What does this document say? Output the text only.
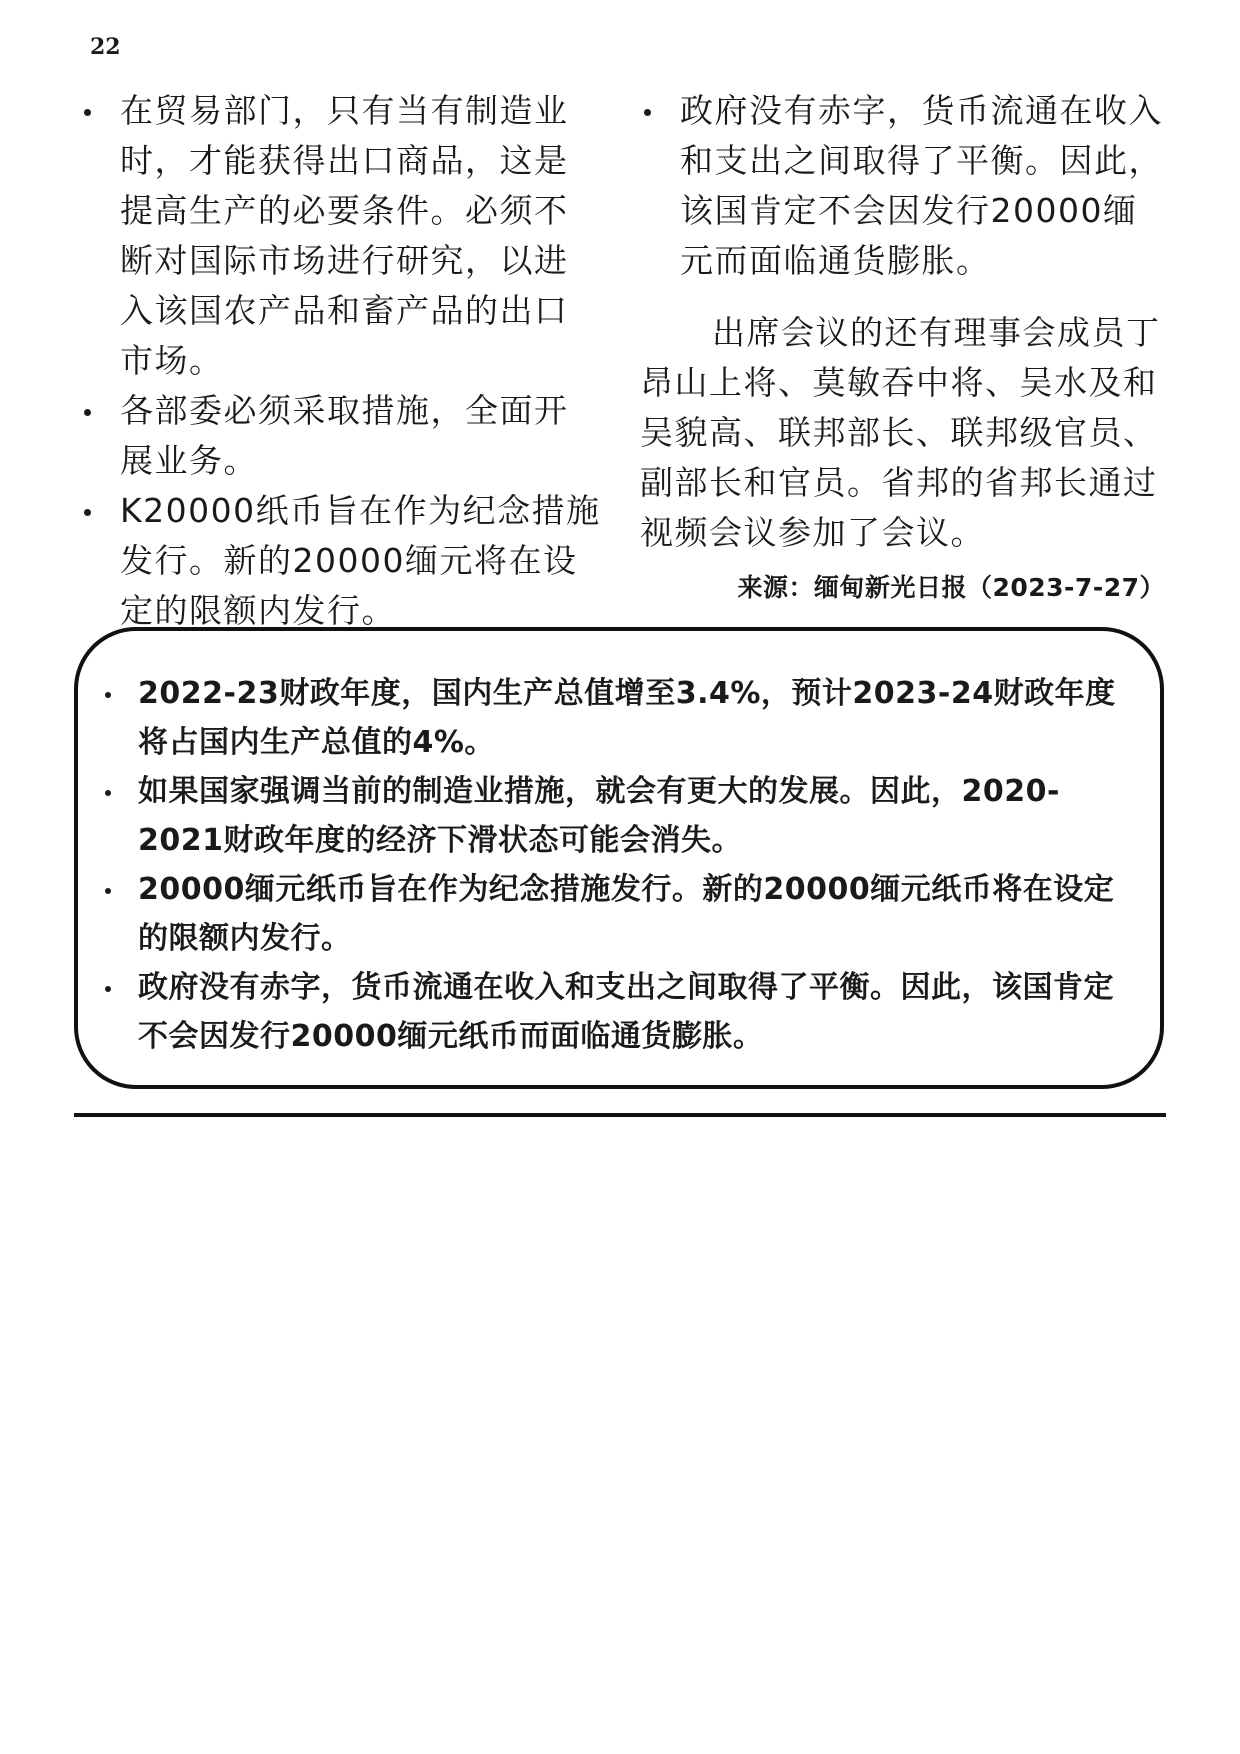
22
在贸易部门，只有当有制造业时，才能获得出口商品，这是提高生产的必要条件。必须不断对国际市场进行研究，以进入该国农产品和畜产品的出口市场。
各部委必须采取措施，全面开展业务。
K20000纸币旨在作为纪念措施发行。新的20000缅元将在设定的限额内发行。
政府没有赤字，货币流通在收入和支出之间取得了平衡。因此，该国肯定不会因发行20000缅元而面临通货膨胀。

出席会议的还有理事会成员丁昂山上将、莫敏吞中将、吴水及和吴貌高、联邦部长、联邦级官员、副部长和官员。省邦的省邦长通过视频会议参加了会议。

来源：缅甸新光日报（2023-7-27）
2022-23财政年度，国内生产总值增至3.4%，预计2023-24财政年度将占国内生产总值的4%。
如果国家强调当前的制造业措施，就会有更大的发展。因此，2020-2021财政年度的经济下滑状态可能会消失。
20000缅元纸币旨在作为纪念措施发行。新的20000缅元纸币将在设定的限额内发行。
政府没有赤字，货币流通在收入和支出之间取得了平衡。因此，该国肯定不会因发行20000缅元纸币而面临通货膨胀。
